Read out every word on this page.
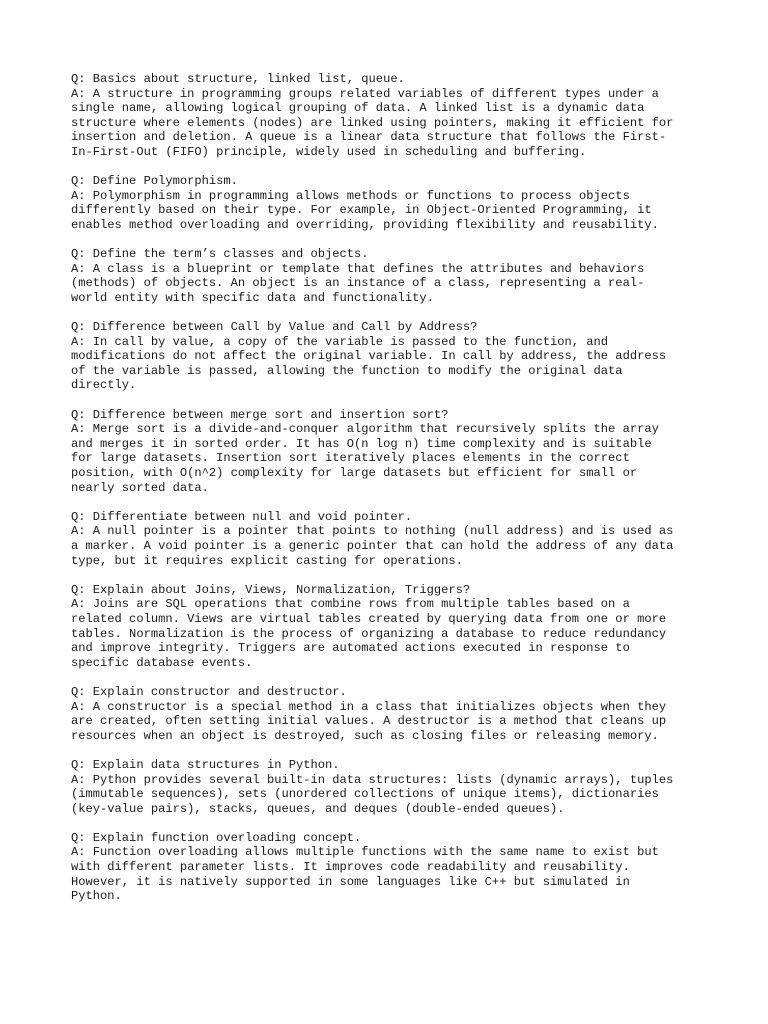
Q: Basics about structure, linked list, queue.
A: A structure in programming groups related variables of different types under a
single name, allowing logical grouping of data. A linked list is a dynamic data
structure where elements (nodes) are linked using pointers, making it efficient for
insertion and deletion. A queue is a linear data structure that follows the First-
In-First-Out (FIFO) principle, widely used in scheduling and buffering.
Q: Define Polymorphism.
A: Polymorphism in programming allows methods or functions to process objects
differently based on their type. For example, in Object-Oriented Programming, it
enables method overloading and overriding, providing flexibility and reusability.
Q: Define the term’s classes and objects.
A: A class is a blueprint or template that defines the attributes and behaviors
(methods) of objects. An object is an instance of a class, representing a real-
world entity with specific data and functionality.
Q: Difference between Call by Value and Call by Address?
A: In call by value, a copy of the variable is passed to the function, and
modifications do not affect the original variable. In call by address, the address
of the variable is passed, allowing the function to modify the original data
directly.
Q: Difference between merge sort and insertion sort?
A: Merge sort is a divide-and-conquer algorithm that recursively splits the array
and merges it in sorted order. It has O(n log n) time complexity and is suitable
for large datasets. Insertion sort iteratively places elements in the correct
position, with O(n^2) complexity for large datasets but efficient for small or
nearly sorted data.
Q: Differentiate between null and void pointer.
A: A null pointer is a pointer that points to nothing (null address) and is used as
a marker. A void pointer is a generic pointer that can hold the address of any data
type, but it requires explicit casting for operations.
Q: Explain about Joins, Views, Normalization, Triggers?
A: Joins are SQL operations that combine rows from multiple tables based on a
related column. Views are virtual tables created by querying data from one or more
tables. Normalization is the process of organizing a database to reduce redundancy
and improve integrity. Triggers are automated actions executed in response to
specific database events.
Q: Explain constructor and destructor.
A: A constructor is a special method in a class that initializes objects when they
are created, often setting initial values. A destructor is a method that cleans up
resources when an object is destroyed, such as closing files or releasing memory.
Q: Explain data structures in Python.
A: Python provides several built-in data structures: lists (dynamic arrays), tuples
(immutable sequences), sets (unordered collections of unique items), dictionaries
(key-value pairs), stacks, queues, and deques (double-ended queues).
Q: Explain function overloading concept.
A: Function overloading allows multiple functions with the same name to exist but
with different parameter lists. It improves code readability and reusability.
However, it is natively supported in some languages like C++ but simulated in
Python.
